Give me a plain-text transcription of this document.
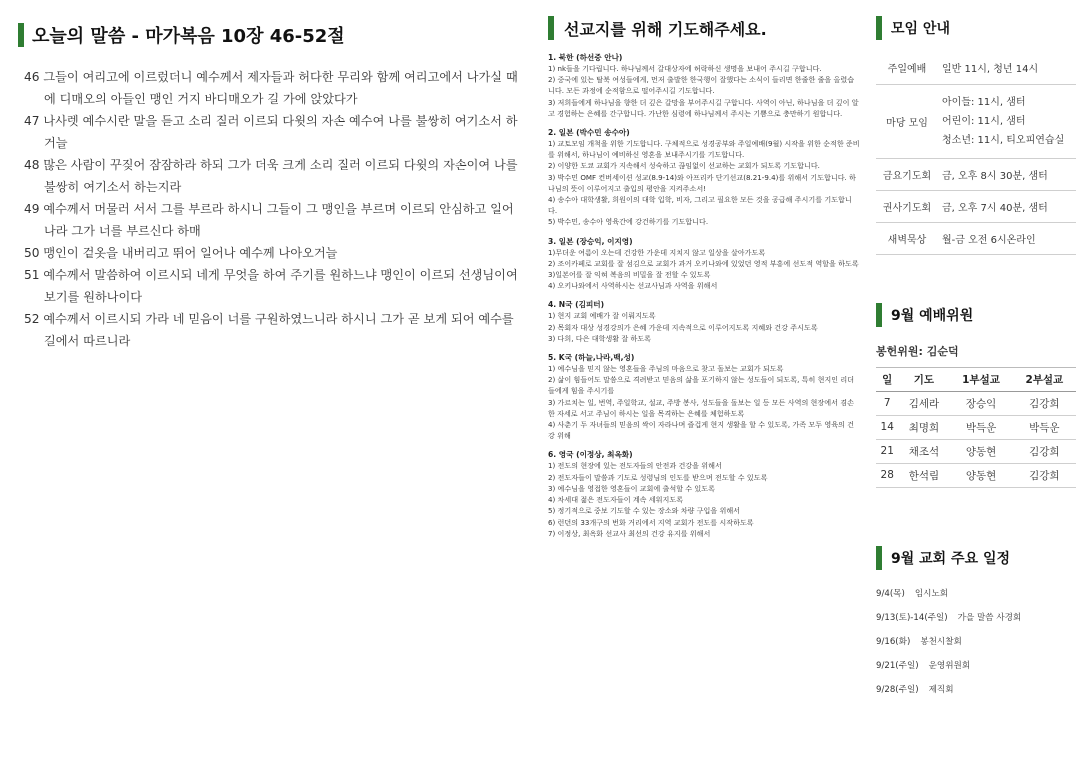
오늘의 말씀 - 마가복음 10장 46-52절

46 그들이 여리고에 이르렀더니 예수께서 제자들과 허다한 무리와 함께 여리고에서 나가실 때에 디매오의 아들인 맹인 거지 바디매오가 길 가에 앉았다가

47 나사렛 예수시란 말을 듣고 소리 질러 이르되 다윗의 자손 예수여 나를 불쌍히 여기소서 하거늘

48 많은 사람이 꾸짖어 잠잠하라 하되 그가 더욱 크게 소리 질러 이르되 다윗의 자손이여 나를 불쌍히 여기소서 하는지라

49 예수께서 머물러 서서 그를 부르라 하시니 그들이 그 맹인을 부르며 이르되 안심하고 일어나라 그가 너를 부르신다 하매

50 맹인이 겉옷을 내버리고 뛰어 일어나 예수께 나아오거늘

51 예수께서 말씀하여 이르시되 네게 무엇을 하여 주기를 원하느냐 맹인이 이르되 선생님이여 보기를 원하나이다

52 예수께서 이르시되 가라 네 믿음이 너를 구원하였느니라 하시니 그가 곧 보게 되어 예수를 길에서 따르니라

선교지를 위해 기도해주세요.
1. 북한 (하선중 안나)
1) nk들을 기다립니다. 하나님께서 갈대상자에 허락하신 생명을 보내어 주시길 구합니다.
2) 중국에 있는 탈북 여성들에게, 먼저 출발한 한국행이 잘했다는 소식이 들리면 한줄한 줄을 올렸습니다. 모든 과정에 순적함으로 떨어주시길 기도합니다.
3) 저희들에게 하나님을 향한 더 깊은 갈망을 부어주시길 구합니다. 사역이 아닌, 하나님을 더 깊이 알고 경험하는 은혜를 간구합니다. 가난한 심령에 하나님께서 주시는 기쁨으로 충만하기 원합니다.
2. 일본 (박수민 송수아)
1) 교토모임 개척을 위한 기도합니다. 구체적으로 성경공부와 주일예배(9월) 시작을 위한 순적한 준비를 위해서, 하나님이 예비하신 영혼을 보내주시기를 기도합니다.
2) 이양한 도쿄 교회가 지속해서 성숙하고 끊임없이 선교하는 교회가 되도록 기도합니다.
3) 박수민 OMF 컨버세이션 성교(8.9-14)와 아프리카 단기선교(8.21-9.4)를 위해서 기도합니다. 하나님의 뜻이 이루어지고 출입의 평안을 지켜주소서!
4) 송수아 대학생활, 희원이의 대학 입학, 비자, 그리고 필요한 모든 것을 공급해 주시기를 기도합니다.
5) 박수민, 송수아 영육간에 강건하기를 기도합니다.
3. 일본 (장승익, 이지영)
1)무더운 여름이 오는데 건강한 가운데 지치지 않고 일상을 살아가도록
2) 조이카페로 교회를 잘 섬김으로 교회가 과거 오키나와에 있었던 영적 부흥에 선도적 역할을 하도록
3)일본어를 잘 익혀 복음의 비밀을 잘 전할 수 있도록
4) 오키나와에서 사역하시는 선교사님과 사역을 위해서
4. N국 (김피터)
1) 현지 교회 예배가 잘 이뤄지도록
2) 목회자 대상 성경강의가 은혜 가운데 지속적으로 이루어지도록 지혜와 건강 주시도록
3) 다희, 다은 대학생활 잘 하도록
5. K국 (하늘,나라,백,성)
1) 예수님을 믿지 않는 영혼들을 주님의 마음으로 찾고 돌보는 교회가 되도록
2) 삶이 힘들어도 말씀으로 격려받고 믿음의 삶을 포기하지 않는 성도들이 되도록, 특히 현지인 리더들에게 힘을 주시기를
3) 가르치는 일, 번역, 주일학교, 설교, 주방 봉사, 성도들을 돌보는 일 등 모든 사역의 현장에서 겸손한 자세로 서고 주님이 하시는 일을 목격하는 은혜를 체험하도록
4) 사춘기 두 자녀들의 믿음의 싹이 자라나며 즐겁게 현지 생활을 할 수 있도록, 가족 모두 영육의 건강 위해
6. 영국 (이정상, 최옥화)
1) 전도의 현장에 있는 전도자들의 안전과 건강을 위해서
2) 전도자들이 말씀과 기도로 성령님의 인도를 받으며 전도할 수 있도록
3) 예수님을 영접한 영혼들이 교회에 출석할 수 있도록
4) 차세대 젊은 전도자들이 계속 세워지도록
5) 정기적으로 중보 기도할 수 있는 장소와 차량 구입을 위해서
6) 런던의 33개구의 번화 거리에서 지역 교회가 전도를 시작하도록
7) 이정상, 최옥화 선교사 최선의 건강 유지를 위해서
모임 안내
주일예배	일반 11시, 청년 14시

마당 모임	아이들: 11시, 샘터
어린이: 11시, 샘터
청소년: 11시, 티오피연습실

금요기도회	금, 오후 8시 30분, 샘터

권사기도회	금, 오후 7시 40분, 샘터

새벽묵상	월-금 오전 6시온라인
9월 예배위원
봉헌위원: 김순덕
일	기도	1부설교	2부설교
7	김세라	장승익	김강희
14	최명희	박득운	박득운
21	채조석	양동현	김강희
28	한석림	양동현	김강희
9월 교회 주요 일정
9/4(목) 임시노회
9/13(토)-14(주일) 가을 말씀 사경회
9/16(화) 봉천시찰회
9/21(주일) 운영위원회
9/28(주일) 제직회
